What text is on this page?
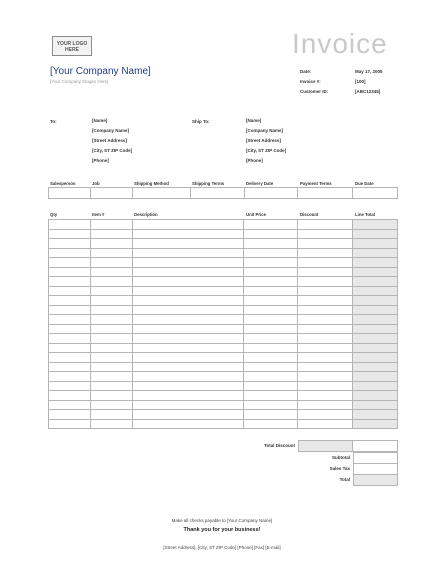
YOUR LOGO HERE	Invoice
[Your Company Name]
[Your Company Slogan Here]
Date:	May 17, 2005
Invoice #:	[100]
Customer ID:	[ABC12345]
To:	[Name]
[Company Name]
[Street Address]
[City, ST ZIP Code]
[Phone]
Ship To:	[Name]
[Company Name]
[Street Address]
[City, ST ZIP Code]
[Phone]
Salesperson	Job	Shipping Method	Shipping Terms	Delivery Date	Payment Terms	Due Date

Qty	Item #	Description	Unit Price	Discount	Line Total

Total Discount

Subtotal
Sales Tax
Total
Make all checks payable to [Your Company Name]
Thank you for your business!
[Street Address], [City, ST ZIP Code] [Phone] [Fax] [E-mail]
